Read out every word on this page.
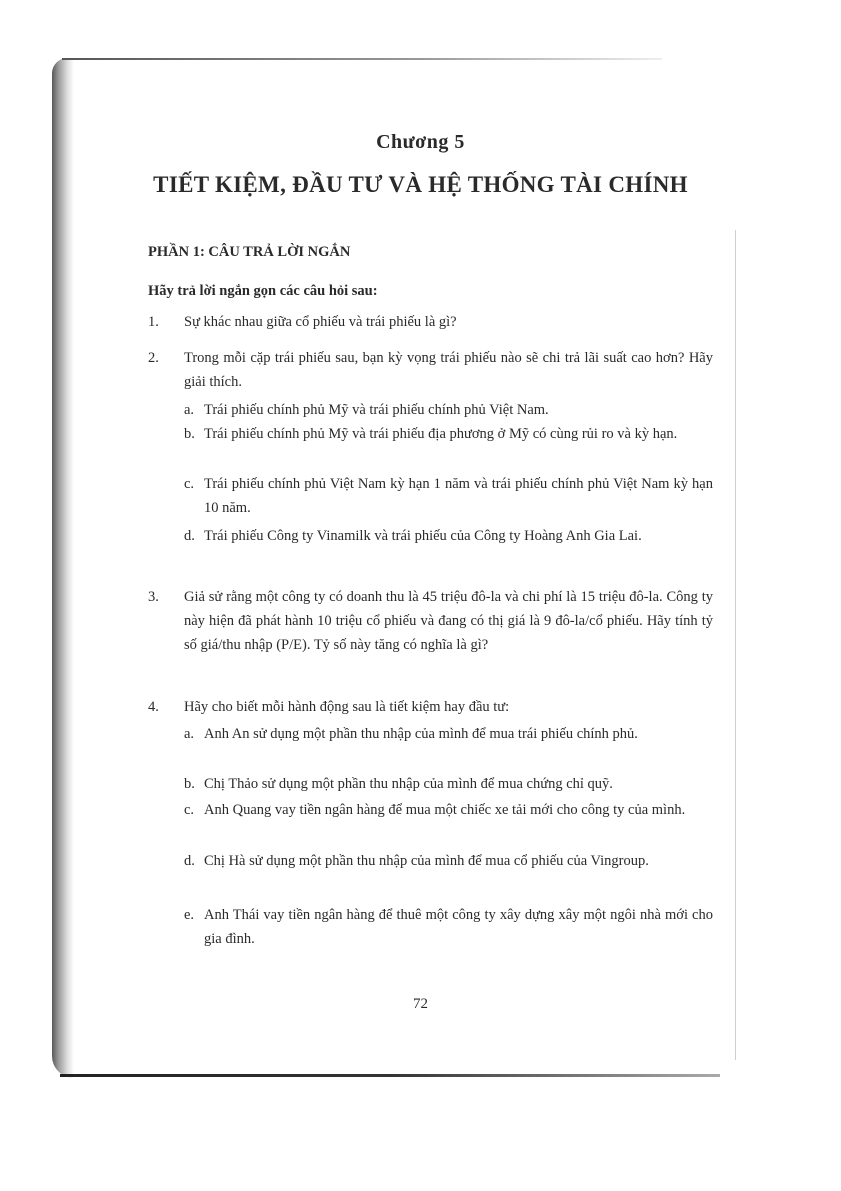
Chương 5
TIẾT KIỆM, ĐẦU TƯ VÀ HỆ THỐNG TÀI CHÍNH
PHẦN 1: CÂU TRẢ LỜI NGẮN
Hãy trả lời ngắn gọn các câu hỏi sau:
1. Sự khác nhau giữa cổ phiếu và trái phiếu là gì?
2. Trong mỗi cặp trái phiếu sau, bạn kỳ vọng trái phiếu nào sẽ chi trả lãi suất cao hơn? Hãy giải thích.
a. Trái phiếu chính phủ Mỹ và trái phiếu chính phủ Việt Nam.
b. Trái phiếu chính phủ Mỹ và trái phiếu địa phương ở Mỹ có cùng rủi ro và kỳ hạn.
c. Trái phiếu chính phủ Việt Nam kỳ hạn 1 năm và trái phiếu chính phủ Việt Nam kỳ hạn 10 năm.
d. Trái phiếu Công ty Vinamilk và trái phiếu của Công ty Hoàng Anh Gia Lai.
3. Giả sử rằng một công ty có doanh thu là 45 triệu đô-la và chi phí là 15 triệu đô-la. Công ty này hiện đã phát hành 10 triệu cổ phiếu và đang có thị giá là 9 đô-la/cổ phiếu. Hãy tính tỷ số giá/thu nhập (P/E). Tỷ số này tăng có nghĩa là gì?
4. Hãy cho biết mỗi hành động sau là tiết kiệm hay đầu tư:
a. Anh An sử dụng một phần thu nhập của mình để mua trái phiếu chính phủ.
b. Chị Thảo sử dụng một phần thu nhập của mình để mua chứng chỉ quỹ.
c. Anh Quang vay tiền ngân hàng để mua một chiếc xe tải mới cho công ty của mình.
d. Chị Hà sử dụng một phần thu nhập của mình để mua cổ phiếu của Vingroup.
e. Anh Thái vay tiền ngân hàng để thuê một công ty xây dựng xây một ngôi nhà mới cho gia đình.
72
